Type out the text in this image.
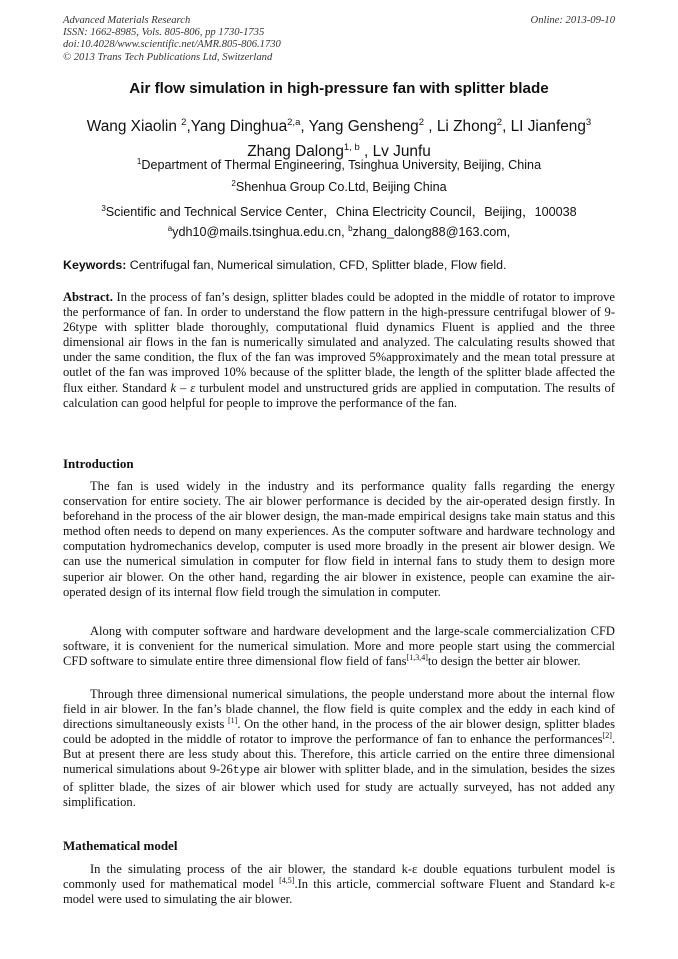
Advanced Materials Research
ISSN: 1662-8985, Vols. 805-806, pp 1730-1735
doi:10.4028/www.scientific.net/AMR.805-806.1730
© 2013 Trans Tech Publications Ltd, Switzerland
Online: 2013-09-10
Air flow simulation in high-pressure fan with splitter blade
Wang Xiaolin $^2$,Yang Dinghua$^{2,a}$, Yang Gensheng$^2$ , Li Zhong$^2$, LI Jianfeng$^3$
Zhang Dalong$^{1, b}$ , Lv Junfu
$^1$Department of Thermal Engineering, Tsinghua University, Beijing, China
$^2$Shenhua Group Co.Ltd, Beijing China
$^3$Scientific and Technical Service Center，China Electricity Council，Beijing，100038
$^a$ydh10@mails.tsinghua.edu.cn, $^b$zhang_dalong88@163.com,
Keywords: Centrifugal fan, Numerical simulation, CFD, Splitter blade, Flow field.

Abstract. In the process of fan’s design, splitter blades could be adopted in the middle of rotator to improve the performance of fan. In order to understand the flow pattern in the high-pressure centrifugal blower of 9-26type with splitter blade thoroughly, computational fluid dynamics Fluent is applied and the three dimensional air flows in the fan is numerically simulated and analyzed. The calculating results showed that under the same condition, the flux of the fan was improved 5%approximately and the mean total pressure at outlet of the fan was improved 10% because of the splitter blade, the length of the splitter blade affected the flux either. Standard k – ε turbulent model and unstructured grids are applied in computation. The results of calculation can good helpful for people to improve the performance of the fan.

Introduction

The fan is used widely in the industry and its performance quality falls regarding the energy conservation for entire society. The air blower performance is decided by the air-operated design firstly. In beforehand in the process of the air blower design, the man-made empirical designs take main status and this method often needs to depend on many experiences. As the computer software and hardware technology and computation hydromechanics develop, computer is used more broadly in the present air blower design. We can use the numerical simulation in computer for flow field in internal fans to study them to design more superior air blower. On the other hand, regarding the air blower in existence, people can examine the air-operated design of its internal flow field trough the simulation in computer.

Along with computer software and hardware development and the large-scale commercialization CFD software, it is convenient for the numerical simulation. More and more people start using the commercial CFD software to simulate entire three dimensional flow field of fans[1,3,4]to design the better air blower.

Through three dimensional numerical simulations, the people understand more about the internal flow field in air blower. In the fan’s blade channel, the flow field is quite complex and the eddy in each kind of directions simultaneously exists [1]. On the other hand, in the process of the air blower design, splitter blades could be adopted in the middle of rotator to improve the performance of fan to enhance the performances[2]. But at present there are less study about this. Therefore, this article carried on the entire three dimensional numerical simulations about 9-26type air blower with splitter blade, and in the simulation, besides the sizes of splitter blade, the sizes of air blower which used for study are actually surveyed, has not added any simplification.

Mathematical model

In the simulating process of the air blower, the standard k-ε double equations turbulent model is commonly used for mathematical model [4,5].In this article, commercial software Fluent and Standard k-ε model were used to simulating the air blower.
